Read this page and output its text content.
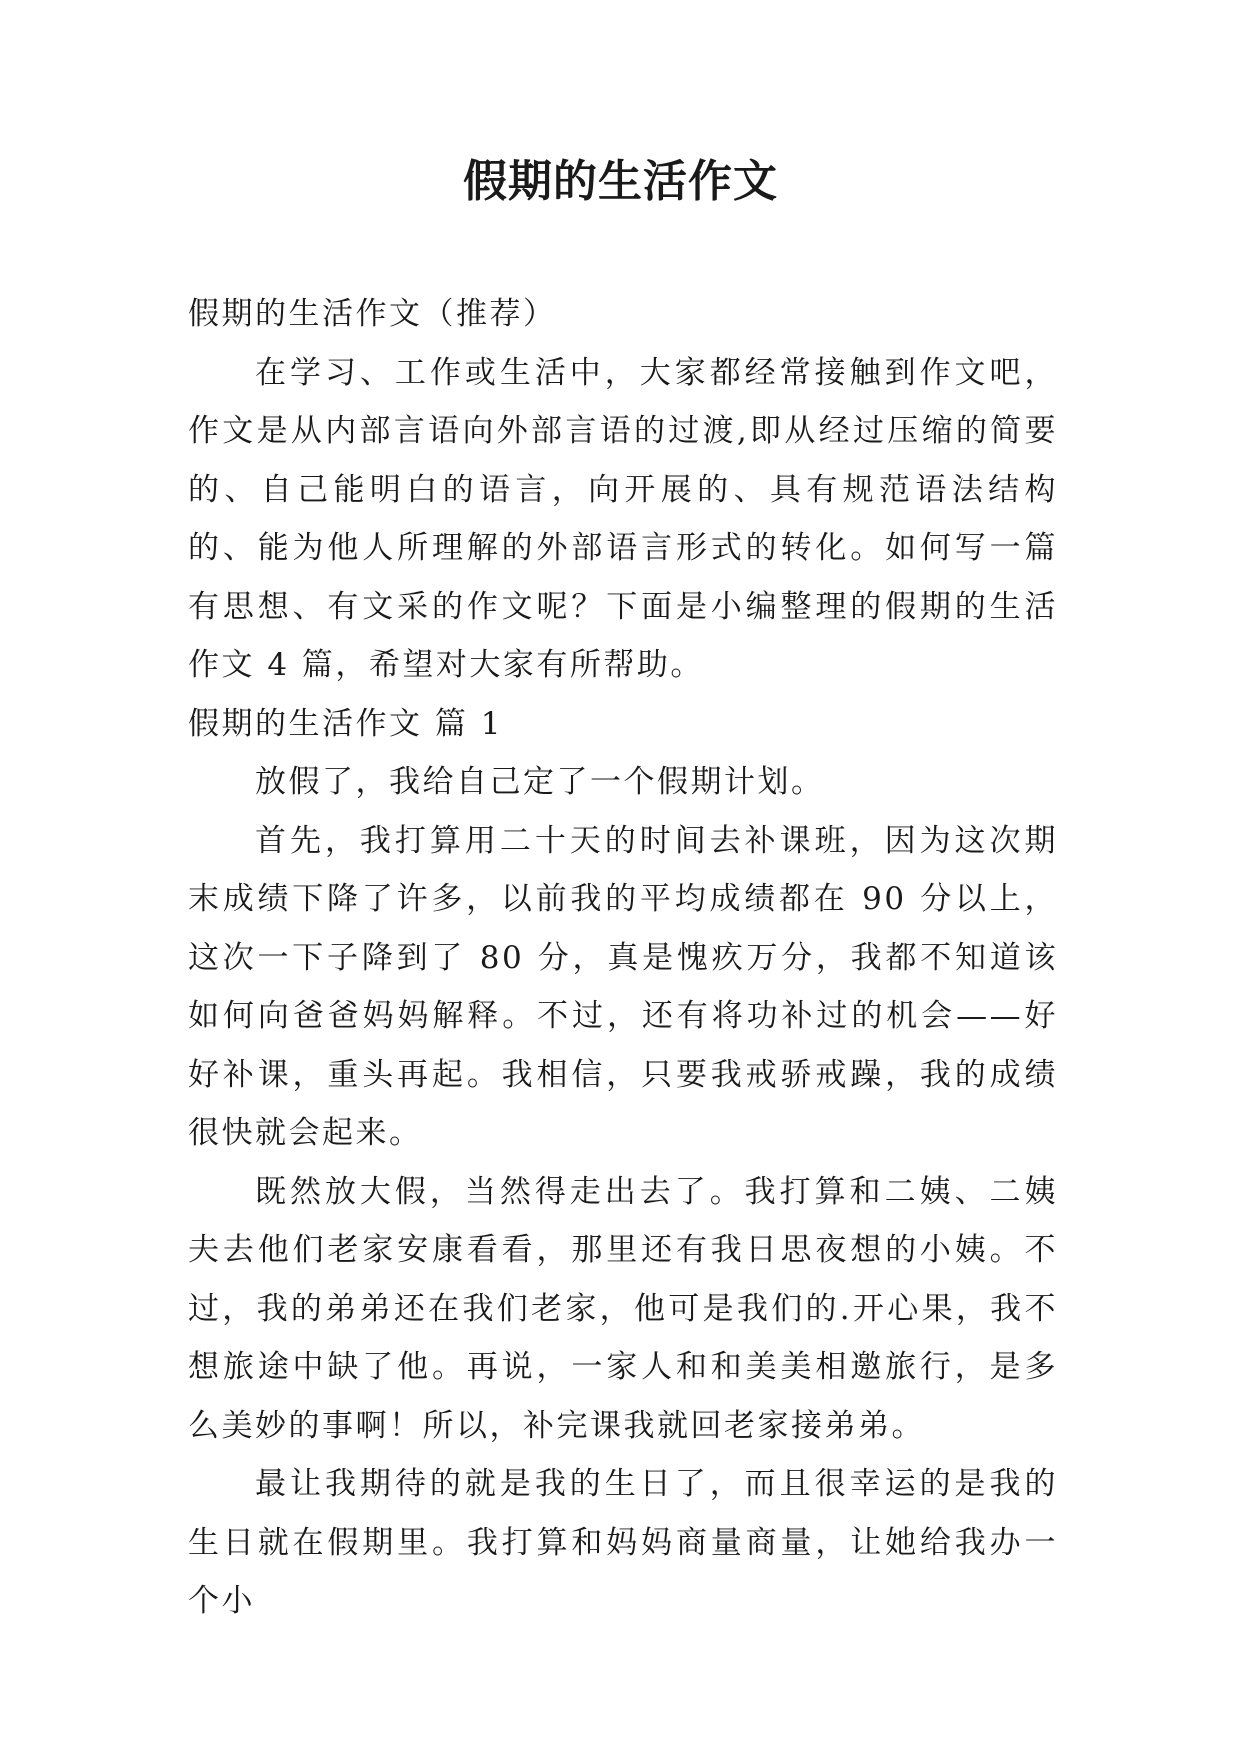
假期的生活作文

假期的生活作文（推荐）

在学习、工作或生活中，大家都经常接触到作文吧，作文是从内部言语向外部言语的过渡,即从经过压缩的简要的、自己能明白的语言，向开展的、具有规范语法结构的、能为他人所理解的外部语言形式的转化。如何写一篇有思想、有文采的作文呢？下面是小编整理的假期的生活作文 4 篇，希望对大家有所帮助。

假期的生活作文 篇 1

放假了，我给自己定了一个假期计划。

首先，我打算用二十天的时间去补课班，因为这次期末成绩下降了许多，以前我的平均成绩都在 90 分以上，这次一下子降到了 80 分，真是愧疚万分，我都不知道该如何向爸爸妈妈解释。不过，还有将功补过的机会——好好补课，重头再起。我相信，只要我戒骄戒躁，我的成绩很快就会起来。

既然放大假，当然得走出去了。我打算和二姨、二姨夫去他们老家安康看看，那里还有我日思夜想的小姨。不过，我的弟弟还在我们老家，他可是我们的.开心果，我不想旅途中缺了他。再说，一家人和和美美相邀旅行，是多么美妙的事啊！所以，补完课我就回老家接弟弟。

最让我期待的就是我的生日了，而且很幸运的是我的生日就在假期里。我打算和妈妈商量商量，让她给我办一个小
